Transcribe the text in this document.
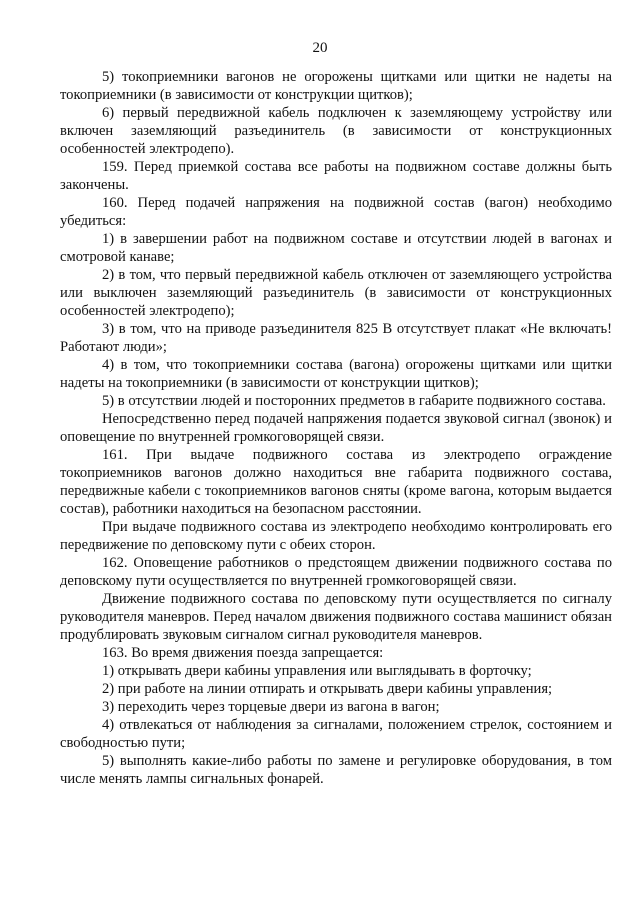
20

5) токоприемники вагонов не огорожены щитками или щитки не надеты на токоприемники (в зависимости от конструкции щитков);

6) первый передвижной кабель подключен к заземляющему устройству или включен заземляющий разъединитель (в зависимости от конструкционных особенностей электродепо).

159. Перед приемкой состава все работы на подвижном составе должны быть закончены.

160. Перед подачей напряжения на подвижной состав (вагон) необходимо убедиться:

1) в завершении работ на подвижном составе и отсутствии людей в вагонах и смотровой канаве;

2) в том, что первый передвижной кабель отключен от заземляющего устройства или выключен заземляющий разъединитель (в зависимости от конструкционных особенностей электродепо);

3) в том, что на приводе разъединителя 825 В отсутствует плакат «Не включать! Работают люди»;

4) в том, что токоприемники состава (вагона) огорожены щитками или щитки надеты на токоприемники (в зависимости от конструкции щитков);

5) в отсутствии людей и посторонних предметов в габарите подвижного состава.

Непосредственно перед подачей напряжения подается звуковой сигнал (звонок) и оповещение по внутренней громкоговорящей связи.

161. При выдаче подвижного состава из электродепо ограждение токоприемников вагонов должно находиться вне габарита подвижного состава, передвижные кабели с токоприемников вагонов сняты (кроме вагона, которым выдается состав), работники находиться на безопасном расстоянии.

При выдаче подвижного состава из электродепо необходимо контролировать его передвижение по деповскому пути с обеих сторон.

162. Оповещение работников о предстоящем движении подвижного состава по деповскому пути осуществляется по внутренней громкоговорящей связи.

Движение подвижного состава по деповскому пути осуществляется по сигналу руководителя маневров. Перед началом движения подвижного состава машинист обязан продублировать звуковым сигналом сигнал руководителя маневров.

163. Во время движения поезда запрещается:

1) открывать двери кабины управления или выглядывать в форточку;

2) при работе на линии отпирать и открывать двери кабины управления;

3) переходить через торцевые двери из вагона в вагон;

4) отвлекаться от наблюдения за сигналами, положением стрелок, состоянием и свободностью пути;

5) выполнять какие-либо работы по замене и регулировке оборудования, в том числе менять лампы сигнальных фонарей.
